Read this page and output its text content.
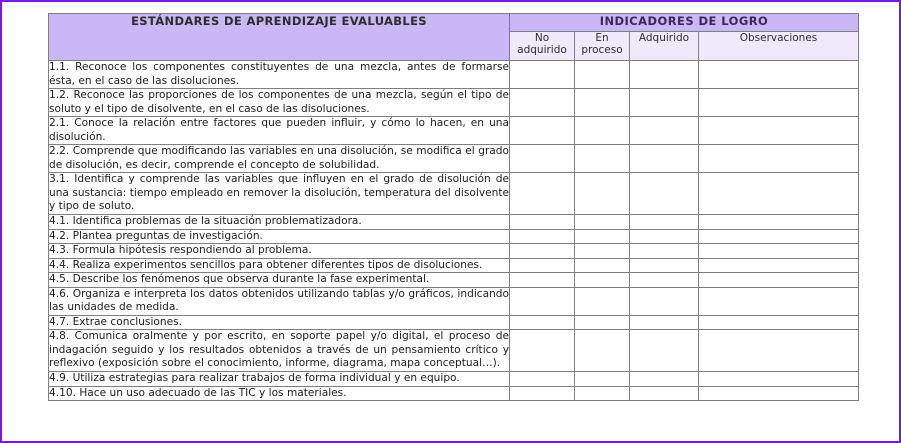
ESTÁNDARES DE APRENDIZAJE EVALUABLES	INDICADORES DE LOGRO			
	No adquirido	En proceso	Adquirido	Observaciones

1.1. Reconoce los componentes constituyentes de una mezcla, antes de formarse ésta, en el caso de las disoluciones.				

1.2. Reconoce las proporciones de los componentes de una mezcla, según el tipo de soluto y el tipo de disolvente, en el caso de las disoluciones.				

2.1. Conoce la relación entre factores que pueden influir, y cómo lo hacen, en una disolución.				

2.2. Comprende que modificando las variables en una disolución, se modifica el grado de disolución, es decir, comprende el concepto de solubilidad.				

3.1. Identifica y comprende las variables que influyen en el grado de disolución de una sustancia: tiempo empleado en remover la disolución, temperatura del disolvente y tipo de soluto.				

4.1. Identifica problemas de la situación problematizadora.				

4.2. Plantea preguntas de investigación.				

4.3. Formula hipótesis respondiendo al problema.				

4.4. Realiza experimentos sencillos para obtener diferentes tipos de disoluciones.				

4.5. Describe los fenómenos que observa durante la fase experimental.				

4.6. Organiza e interpreta los datos obtenidos utilizando tablas y/o gráficos, indicando las unidades de medida.				

4.7. Extrae conclusiones.				

4.8. Comunica oralmente y por escrito, en soporte papel y/o digital, el proceso de indagación seguido y los resultados obtenidos a través de un pensamiento crítico y reflexivo (exposición sobre el conocimiento, informe, diagrama, mapa conceptual…).				

4.9. Utiliza estrategias para realizar trabajos de forma individual y en equipo.				

4.10. Hace un uso adecuado de las TIC y los materiales.				
